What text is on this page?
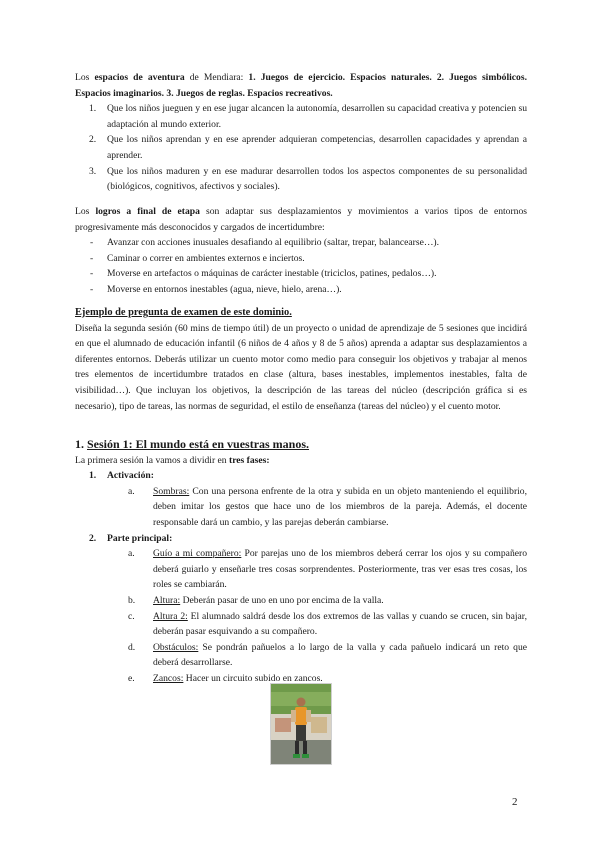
Los espacios de aventura de Mendiara: 1. Juegos de ejercicio. Espacios naturales. 2. Juegos simbólicos. Espacios imaginarios. 3. Juegos de reglas. Espacios recreativos.

1. Que los niños jueguen y en ese jugar alcancen la autonomía, desarrollen su capacidad creativa y potencien su adaptación al mundo exterior.
2. Que los niños aprendan y en ese aprender adquieran competencias, desarrollen capacidades y aprendan a aprender.
3. Que los niños maduren y en ese madurar desarrollen todos los aspectos componentes de su personalidad (biológicos, cognitivos, afectivos y sociales).

Los logros a final de etapa son adaptar sus desplazamientos y movimientos a varios tipos de entornos progresivamente más desconocidos y cargados de incertidumbre:

- Avanzar con acciones inusuales desafiando al equilibrio (saltar, trepar, balancearse…).
- Caminar o correr en ambientes externos e inciertos.
- Moverse en artefactos o máquinas de carácter inestable (triciclos, patines, pedalos…).
- Moverse en entornos inestables (agua, nieve, hielo, arena…).

Ejemplo de pregunta de examen de este dominio.

Diseña la segunda sesión (60 mins de tiempo útil) de un proyecto o unidad de aprendizaje de 5 sesiones que incidirá en que el alumnado de educación infantil (6 niños de 4 años y 8 de 5 años) aprenda a adaptar sus desplazamientos a diferentes entornos. Deberás utilizar un cuento motor como medio para conseguir los objetivos y trabajar al menos tres elementos de incertidumbre tratados en clase (altura, bases inestables, implementos inestables, falta de visibilidad…). Que incluyan los objetivos, la descripción de las tareas del núcleo (descripción gráfica si es necesario), tipo de tareas, las normas de seguridad, el estilo de enseñanza (tareas del núcleo) y el cuento motor.

1. Sesión 1: El mundo está en vuestras manos.

La primera sesión la vamos a dividir en tres fases:

1. Activación:
a. Sombras: Con una persona enfrente de la otra y subida en un objeto manteniendo el equilibrio, deben imitar los gestos que hace uno de los miembros de la pareja. Además, el docente responsable dará un cambio, y las parejas deberán cambiarse.
2. Parte principal:
a. Guío a mi compañero: Por parejas uno de los miembros deberá cerrar los ojos y su compañero deberá guiarlo y enseñarle tres cosas sorprendentes. Posteriormente, tras ver esas tres cosas, los roles se cambiarán.
b. Altura: Deberán pasar de uno en uno por encima de la valla.
c. Altura 2: El alumnado saldrá desde los dos extremos de las vallas y cuando se crucen, sin bajar, deberán pasar esquivando a su compañero.
d. Obstáculos: Se pondrán pañuelos a lo largo de la valla y cada pañuelo indicará un reto que deberá desarrollarse.
e. Zancos: Hacer un circuito subido en zancos.
2
